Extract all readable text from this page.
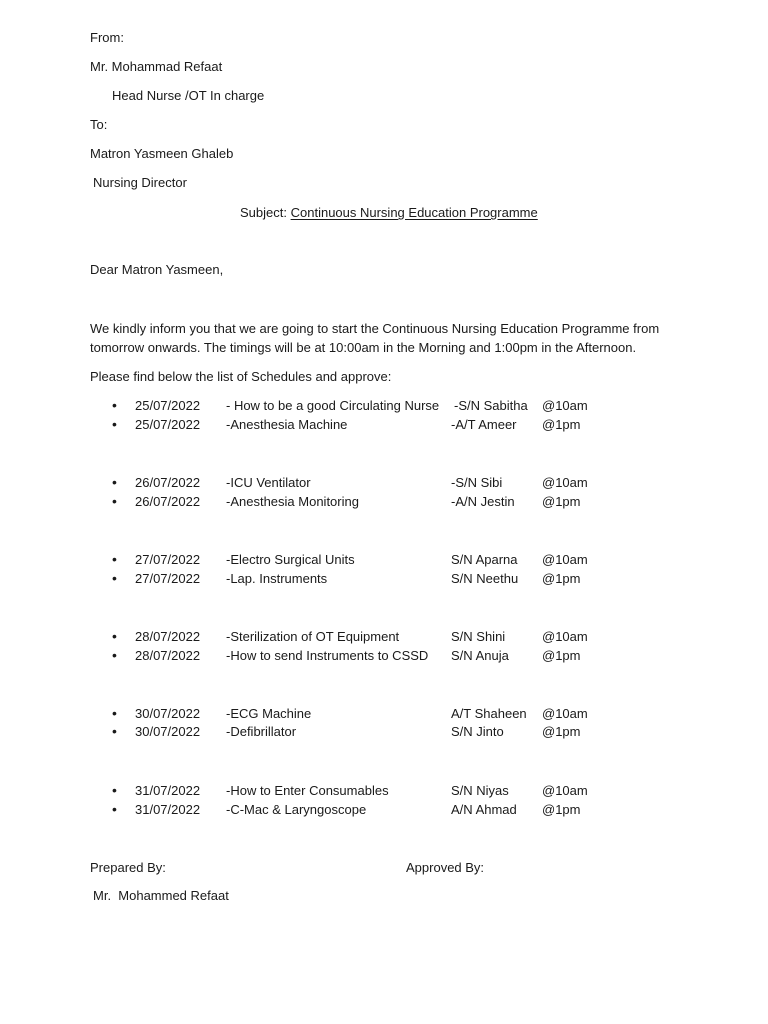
From:
Mr. Mohammad Refaat
Head Nurse /OT In charge
To:
Matron Yasmeen Ghaleb
Nursing Director
Subject: Continuous Nursing Education Programme
Dear Matron Yasmeen,
We kindly inform you that we are going to start the Continuous Nursing Education Programme from tomorrow onwards. The timings will be at 10:00am in the Morning and 1:00pm in the Afternoon.
Please find below the list of Schedules and approve:
• 25/07/2022 - How to be a good Circulating Nurse -S/N Sabitha @10am
• 25/07/2022 -Anesthesia Machine	-A/T Ameer @1pm
• 26/07/2022 -ICU Ventilator	-S/N Sibi	@10am
• 26/07/2022 -Anesthesia Monitoring	-A/N Jestin @1pm
• 27/07/2022 -Electro Surgical Units	S/N Aparna @10am
• 27/07/2022 -Lap. Instruments	S/N Neethu @1pm
• 28/07/2022 -Sterilization of OT Equipment	S/N Shini	@10am
• 28/07/2022 -How to send Instruments to CSSD S/N Anuja	@1pm
• 30/07/2022 -ECG Machine	A/T Shaheen @10am
• 30/07/2022 -Defibrillator	S/N Jinto	@1pm
• 31/07/2022 -How to Enter Consumables	S/N Niyas	@10am
• 31/07/2022 -C-Mac & Laryngoscope	A/N Ahmad @1pm
Prepared By:	Approved By:
Mr.  Mohammed Refaat
